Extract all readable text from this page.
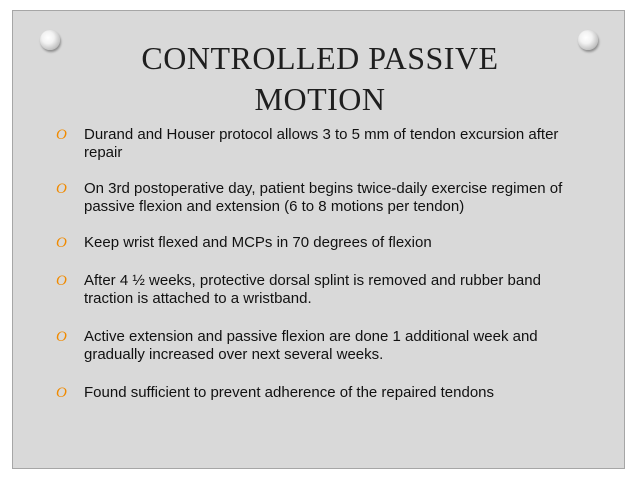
CONTROLLED PASSIVE MOTION
O Durand and Houser protocol allows 3 to 5 mm of tendon excursion after repair
O On 3rd postoperative day, patient begins twice-daily exercise regimen of passive flexion and extension (6 to 8 motions per tendon)
O Keep wrist flexed and MCPs in 70 degrees of flexion
O After 4 ½ weeks, protective dorsal splint is removed and rubber band traction is attached to a wristband.
O Active extension and passive flexion are done 1 additional week and gradually increased over next several weeks.
O Found sufficient to prevent adherence of the repaired tendons
